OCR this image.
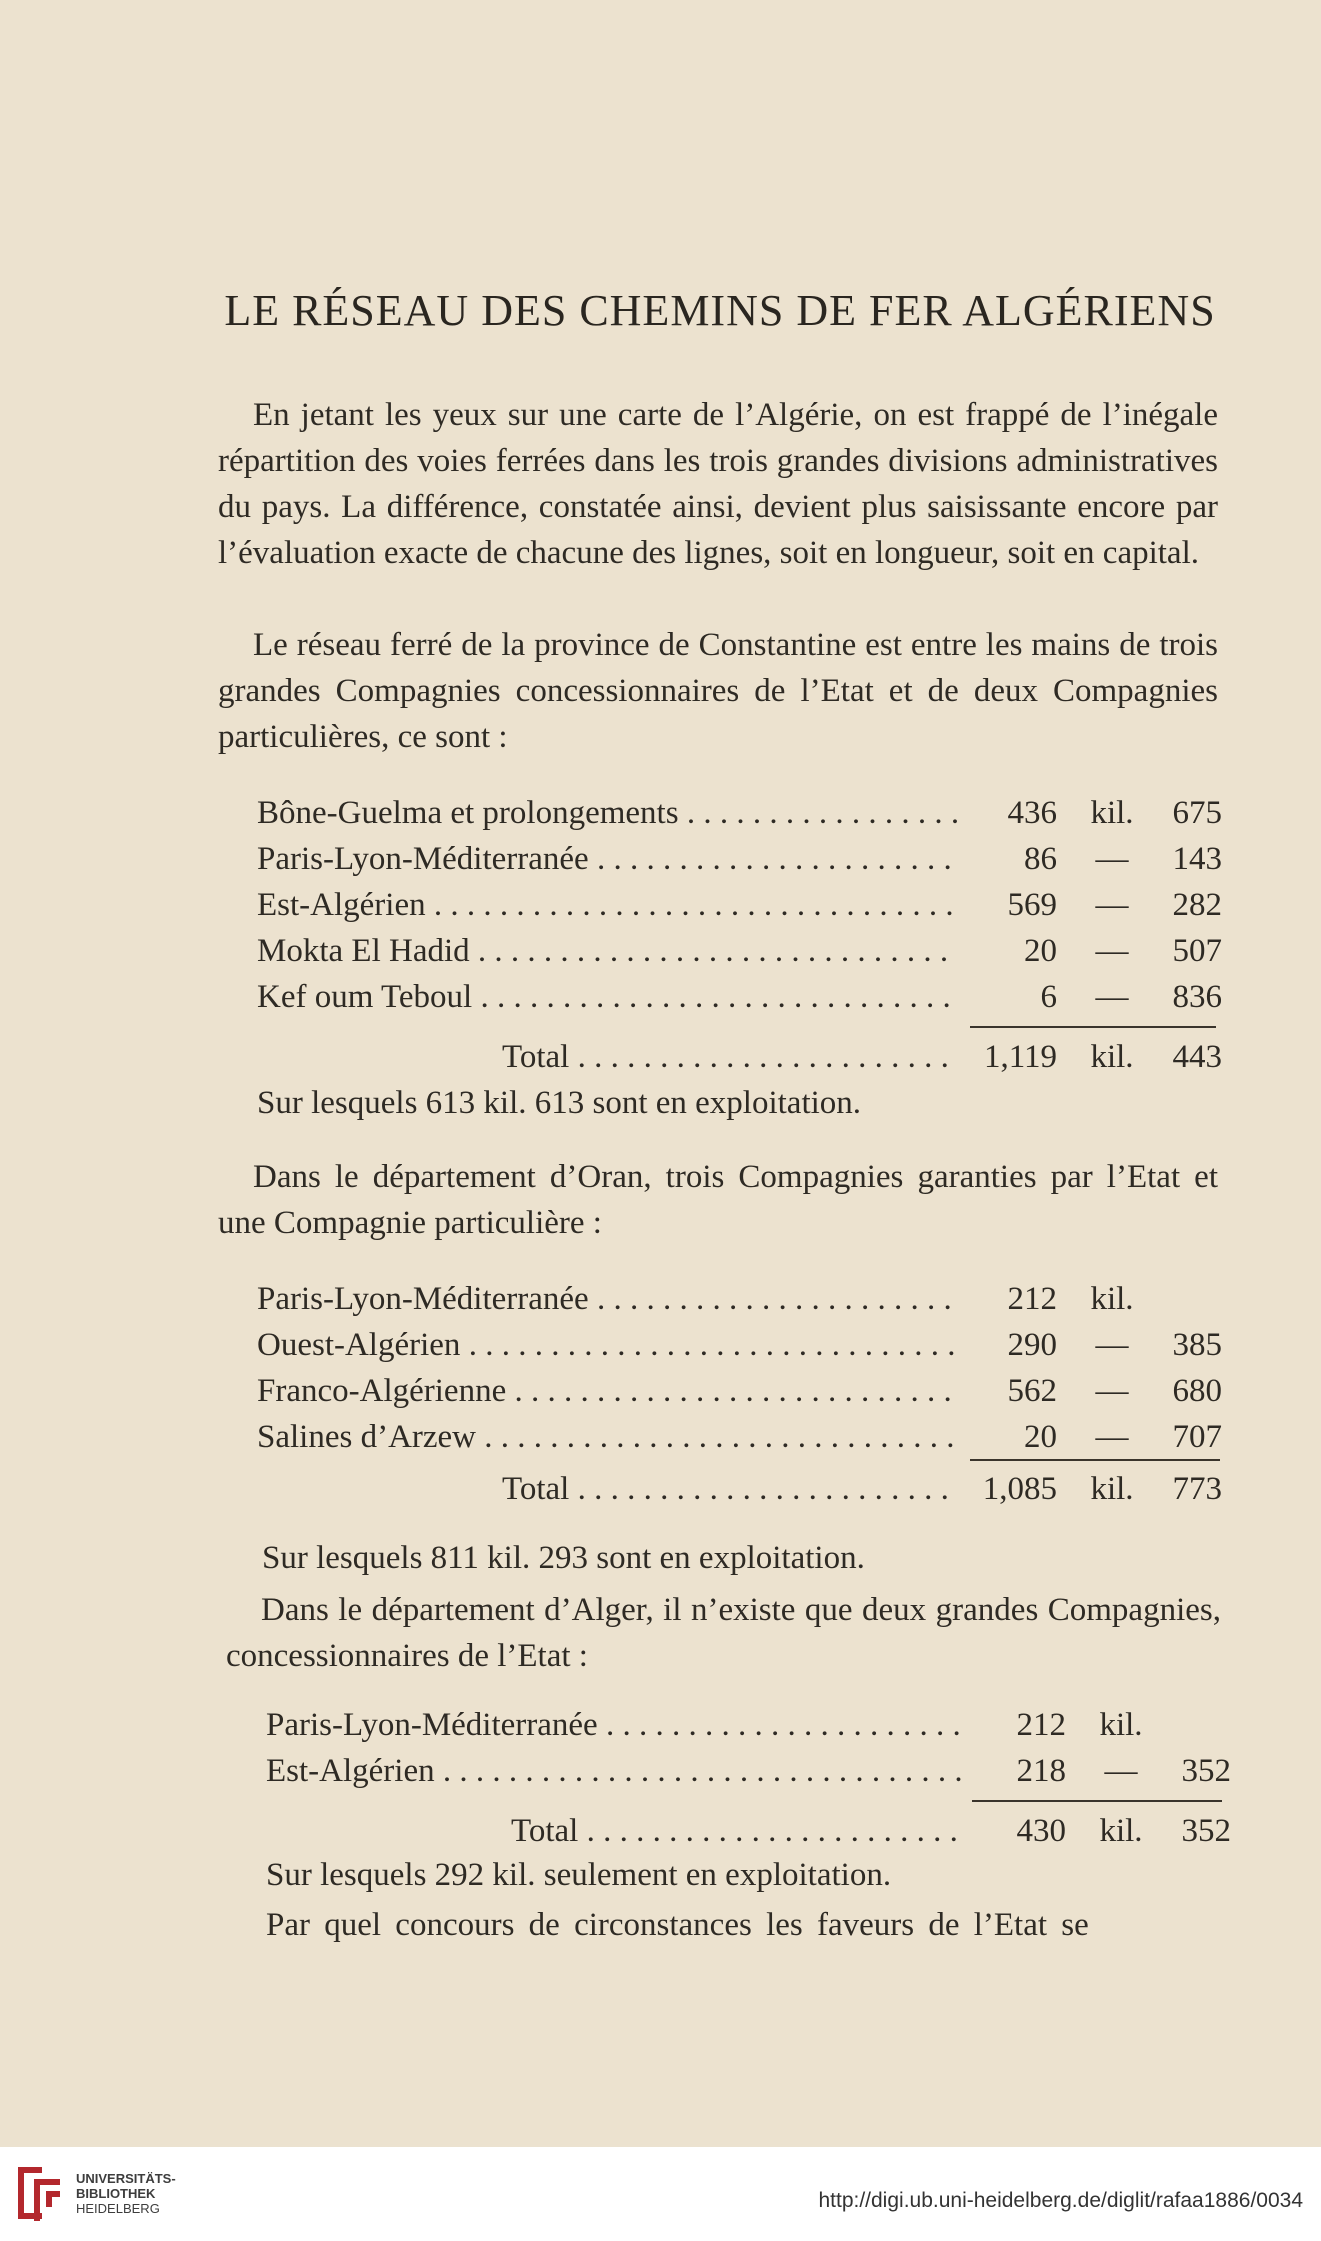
LE RÉSEAU DES CHEMINS DE FER ALGÉRIENS
En jetant les yeux sur une carte de l’Algérie, on est frappé de l’inégale répartition des voies ferrées dans les trois grandes divisions administratives du pays. La différence, constatée ainsi, devient plus saisissante encore par l’évaluation exacte de chacune des lignes, soit en longueur, soit en capital.
Le réseau ferré de la province de Constantine est entre les mains de trois grandes Compagnies concessionnaires de l’Etat et de deux Compagnies particulières, ce sont :
Bône-Guelma et prolongements . . .	436 kil.	675
Paris-Lyon-Méditerranée . . .	86	—	143
Est-Algérien . . .	569	—	282
Mokta El Hadid . . .	20	—	507
Kef oum Teboul . . .	6	—	836
Total . . .	1,119 kil.	443
Sur lesquels 613 kil. 613 sont en exploitation.
Dans le département d’Oran, trois Compagnies garanties par l’Etat et une Compagnie particulière :
Paris-Lyon-Méditerranée . . .	212 kil.
Ouest-Algérien . . .	290	—	385
Franco-Algérienne . . .	562	—	680
Salines d’Arzew . . .	20	—	707
Total . . .	1,085 kil.	773
Sur lesquels 811 kil. 293 sont en exploitation.
Dans le département d’Alger, il n’existe que deux grandes Compagnies, concessionnaires de l’Etat :
Paris-Lyon-Méditerranée . . .	212 kil.
Est-Algérien . . .	218	—	352
Total . . .	430 kil.	352
Sur lesquels 292 kil. seulement en exploitation.
Par quel concours de circonstances les faveurs de l’Etat se
UNIVERSITÄTS-
BIBLIOTHEK
HEIDELBERG	http://digi.ub.uni-heidelberg.de/diglit/rafaa1886/0034
